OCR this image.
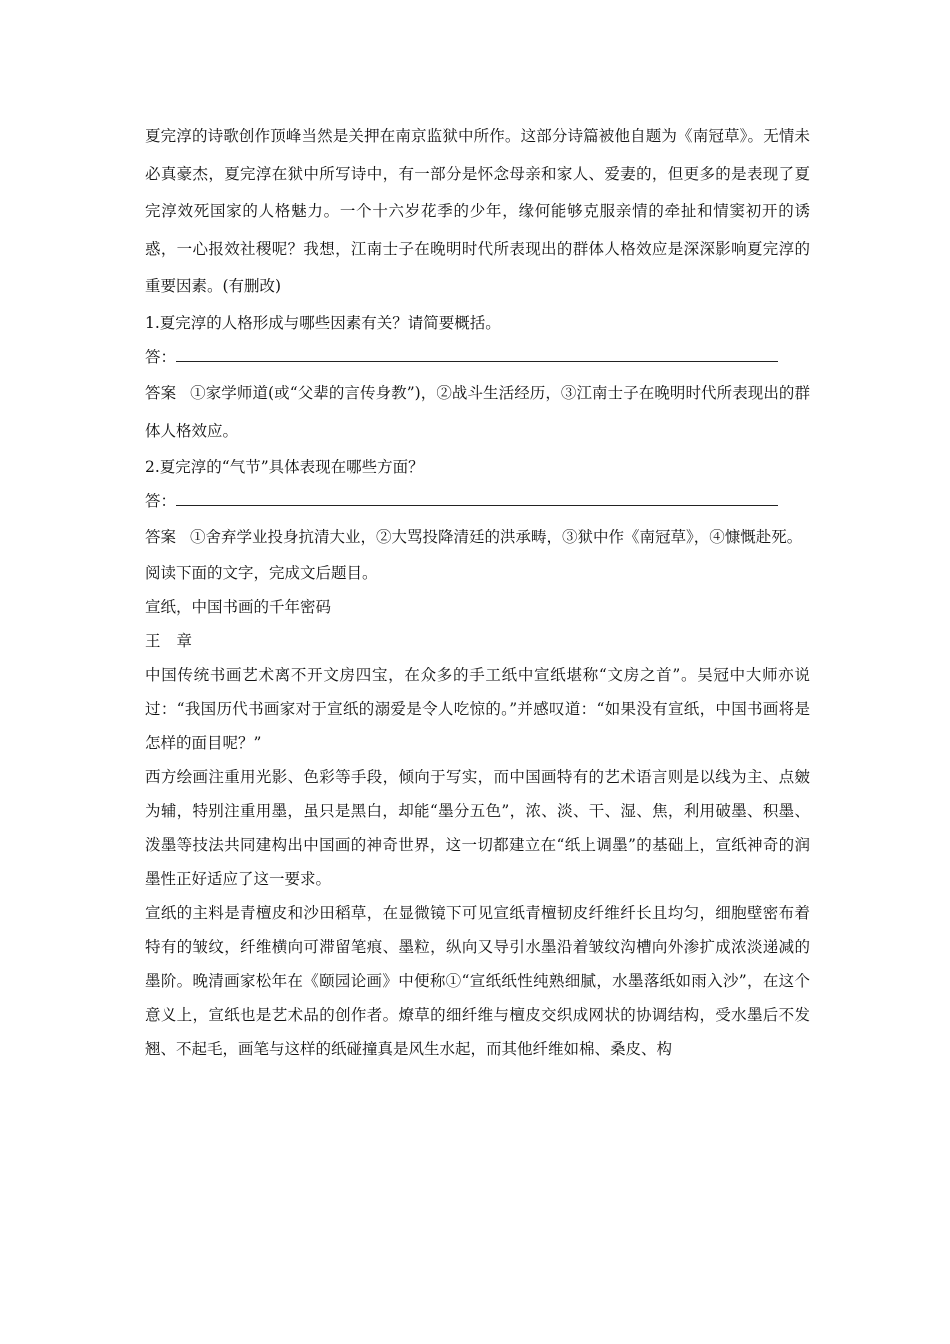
夏完淳的诗歌创作顶峰当然是关押在南京监狱中所作。这部分诗篇被他自题为《南冠草》。无情未必真豪杰，夏完淳在狱中所写诗中，有一部分是怀念母亲和家人、爱妻的，但更多的是表现了夏完淳效死国家的人格魅力。一个十六岁花季的少年，缘何能够克服亲情的牵扯和情窦初开的诱惑，一心报效社稷呢？我想，江南士子在晚明时代所表现出的群体人格效应是深深影响夏完淳的重要因素。(有删改)

1.夏完淳的人格形成与哪些因素有关？请简要概括。

答：

答案 ①家学师道(或“父辈的言传身教”)，②战斗生活经历，③江南士子在晚明时代所表现出的群体人格效应。

2.夏完淳的“气节”具体表现在哪些方面？

答：

答案 ①舍弃学业投身抗清大业，②大骂投降清廷的洪承畴，③狱中作《南冠草》，④慷慨赴死。

阅读下面的文字，完成文后题目。

宣纸，中国书画的千年密码

王 章

中国传统书画艺术离不开文房四宝，在众多的手工纸中宣纸堪称“文房之首”。吴冠中大师亦说过：“我国历代书画家对于宣纸的溺爱是令人吃惊的。”并感叹道：“如果没有宣纸，中国书画将是怎样的面目呢？”

西方绘画注重用光影、色彩等手段，倾向于写实，而中国画特有的艺术语言则是以线为主、点皴为辅，特别注重用墨，虽只是黑白，却能“墨分五色”，浓、淡、干、湿、焦，利用破墨、积墨、泼墨等技法共同建构出中国画的神奇世界，这一切都建立在“纸上调墨”的基础上，宣纸神奇的润墨性正好适应了这一要求。

宣纸的主料是青檀皮和沙田稻草，在显微镜下可见宣纸青檀韧皮纤维纤长且均匀，细胞壁密布着特有的皱纹，纤维横向可滞留笔痕、墨粒，纵向又导引水墨沿着皱纹沟槽向外渗扩成浓淡递减的墨阶。晚清画家松年在《颐园论画》中便称①“宣纸纸性纯熟细腻，水墨落纸如雨入沙”，在这个意义上，宣纸也是艺术品的创作者。燎草的细纤维与檀皮交织成网状的协调结构，受水墨后不发翘、不起毛，画笔与这样的纸碰撞真是风生水起，而其他纤维如棉、桑皮、构
